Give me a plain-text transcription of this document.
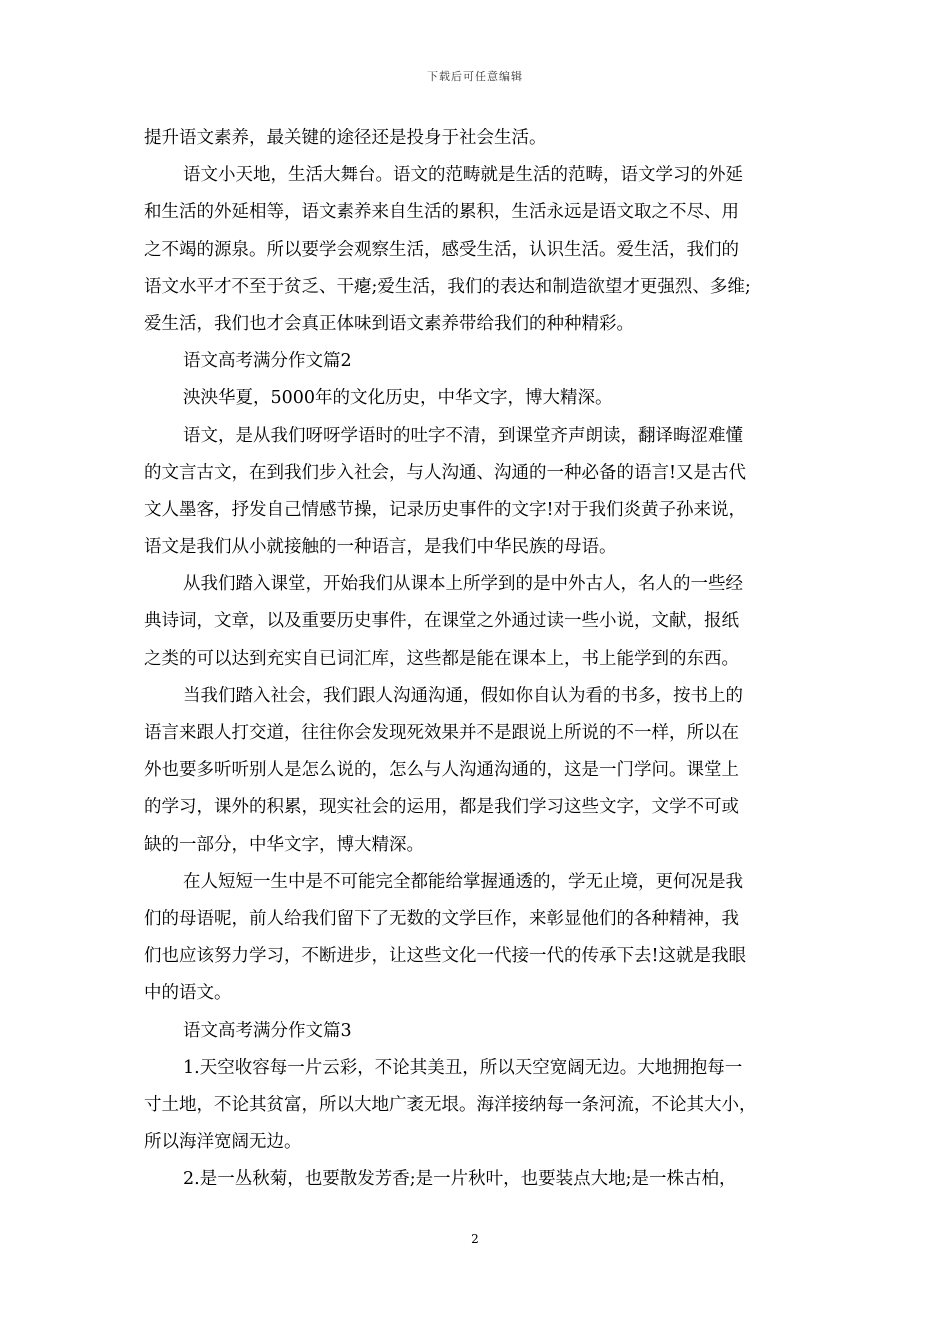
下载后可任意编辑
提升语文素养，最关键的途径还是投身于社会生活。
语文小天地，生活大舞台。语文的范畴就是生活的范畴，语文学习的外延
和生活的外延相等，语文素养来自生活的累积，生活永远是语文取之不尽、用
之不竭的源泉。所以要学会观察生活，感受生活，认识生活。爱生活，我们的
语文水平才不至于贫乏、干瘪;爱生活，我们的表达和制造欲望才更强烈、多维;
爱生活，我们也才会真正体味到语文素养带给我们的种种精彩。
语文高考满分作文篇2
泱泱华夏，5000年的文化历史，中华文字，博大精深。
语文，是从我们呀呀学语时的吐字不清，到课堂齐声朗读，翻译晦涩难懂
的文言古文，在到我们步入社会，与人沟通、沟通的一种必备的语言!又是古代
文人墨客，抒发自己情感节操，记录历史事件的文字!对于我们炎黄子孙来说，
语文是我们从小就接触的一种语言，是我们中华民族的母语。
从我们踏入课堂，开始我们从课本上所学到的是中外古人，名人的一些经
典诗词，文章，以及重要历史事件，在课堂之外通过读一些小说，文献，报纸
之类的可以达到充实自已词汇库，这些都是能在课本上，书上能学到的东西。
当我们踏入社会，我们跟人沟通沟通，假如你自认为看的书多，按书上的
语言来跟人打交道，往往你会发现死效果并不是跟说上所说的不一样，所以在
外也要多听听别人是怎么说的，怎么与人沟通沟通的，这是一门学问。课堂上
的学习，课外的积累，现实社会的运用，都是我们学习这些文字，文学不可或
缺的一部分，中华文字，博大精深。
在人短短一生中是不可能完全都能给掌握通透的，学无止境，更何况是我
们的母语呢，前人给我们留下了无数的文学巨作，来彰显他们的各种精神，我
们也应该努力学习，不断进步，让这些文化一代接一代的传承下去!这就是我眼
中的语文。
语文高考满分作文篇3
1.天空收容每一片云彩，不论其美丑，所以天空宽阔无边。大地拥抱每一
寸土地，不论其贫富，所以大地广袤无垠。海洋接纳每一条河流，不论其大小，
所以海洋宽阔无边。
2.是一丛秋菊，也要散发芳香;是一片秋叶，也要装点大地;是一株古柏，
2
